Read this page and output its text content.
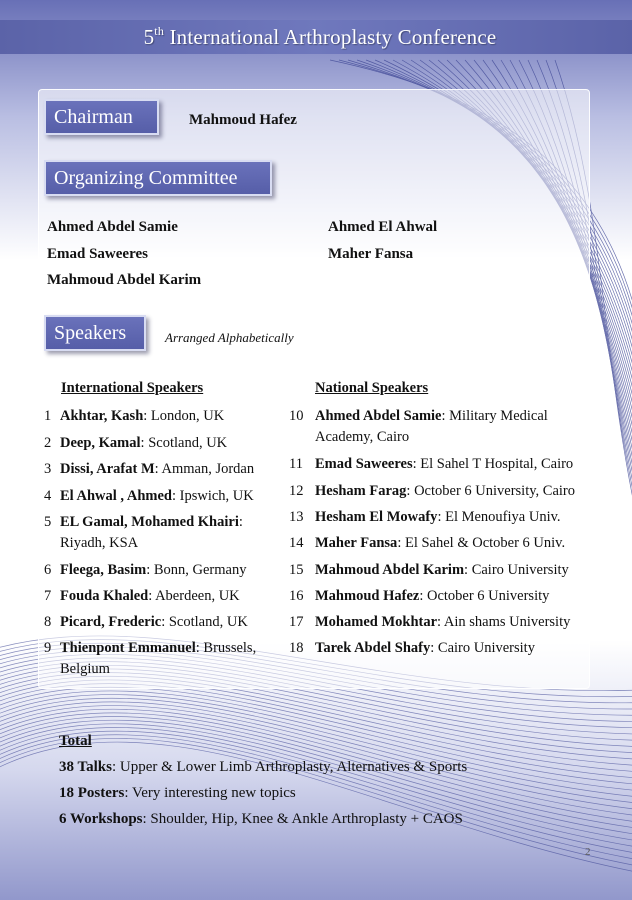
5th International Arthroplasty Conference
Chairman	Mahmoud Hafez
Organizing Committee
Ahmed Abdel Samie	Ahmed El Ahwal
Emad Saweeres	Maher Fansa
Mahmoud Abdel Karim
Speakers	Arranged Alphabetically
International Speakers	National Speakers
1 Akhtar, Kash: London, UK
2 Deep, Kamal: Scotland, UK
3 Dissi, Arafat M: Amman, Jordan
4 El Ahwal , Ahmed: Ipswich, UK
5 EL Gamal, Mohamed Khairi: Riyadh, KSA
6 Fleega, Basim: Bonn, Germany
7 Fouda Khaled: Aberdeen, UK
8 Picard, Frederic: Scotland, UK
9 Thienpont Emmanuel: Brussels, Belgium
10 Ahmed Abdel Samie: Military Medical Academy, Cairo
11 Emad Saweeres: El Sahel T Hospital, Cairo
12 Hesham Farag: October 6 University, Cairo
13 Hesham El Mowafy: El Menoufiya Univ.
14 Maher Fansa: El Sahel & October 6 Univ.
15 Mahmoud Abdel Karim: Cairo University
16 Mahmoud Hafez: October 6 University
17 Mohamed Mokhtar: Ain shams University
18 Tarek Abdel Shafy: Cairo University
Total
38 Talks: Upper & Lower Limb Arthroplasty, Alternatives & Sports
18 Posters: Very interesting new topics
6 Workshops: Shoulder, Hip, Knee & Ankle Arthroplasty + CAOS
2
